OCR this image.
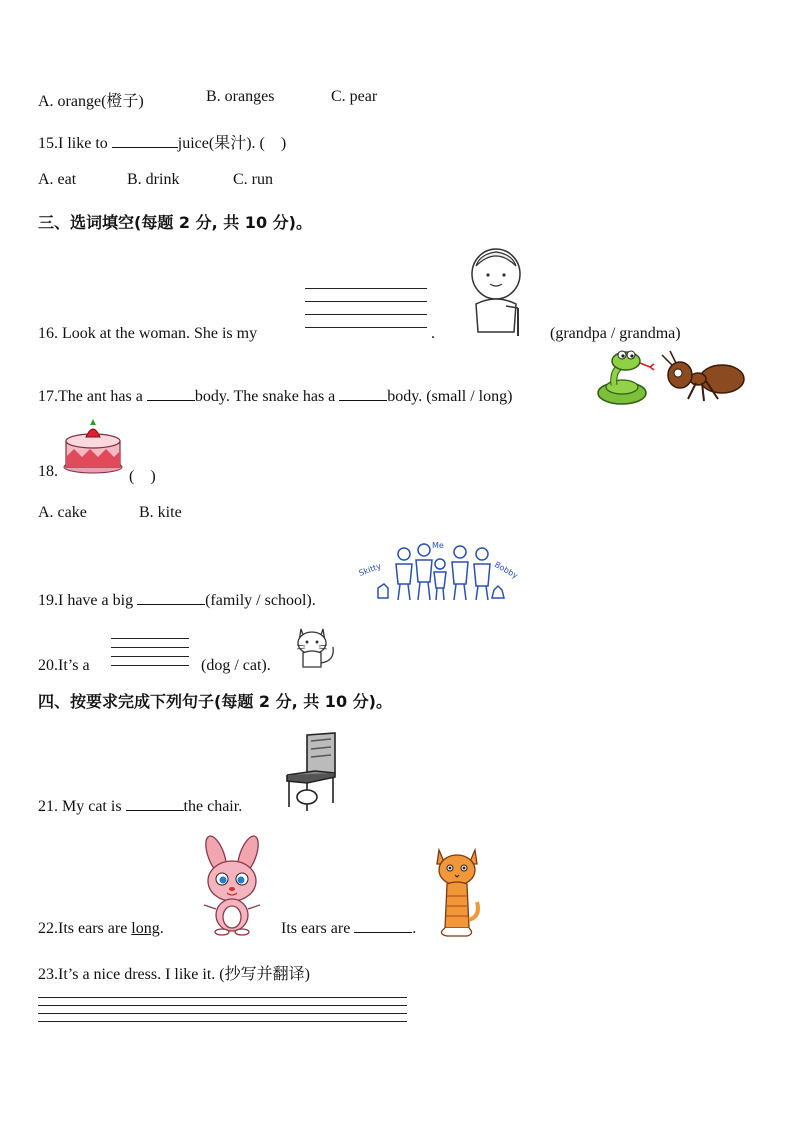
A. orange(橙子)	B. oranges	C. pear
15.I like to	juice(果汁). (　)
A. eat	B. drink	C. run
三、选词填空(每题 2 分, 共 10 分)。
16. Look at the woman. She is my	.	(grandpa / grandma)
17.The ant has a	body. The snake has a	body. (small / long)
18.	(　)
A. cake	B. kite
Skitty
Me
Bobby
19.I have a big	(family / school).
20.It’s a	(dog / cat).
四、按要求完成下列句子(每题 2 分, 共 10 分)。
21. My cat is	the chair.
22.Its ears are long.	Its ears are	.
23.It’s a nice dress. I like it. (抄写并翻译)
